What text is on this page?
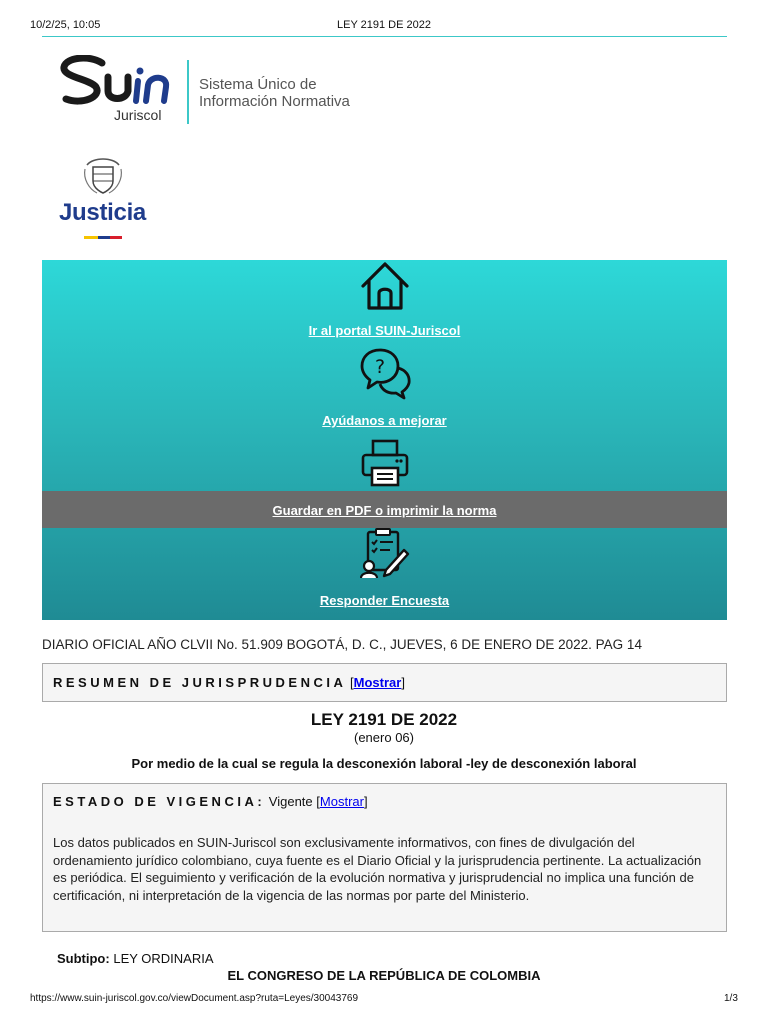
10/2/25, 10:05	LEY 2191 DE 2022
Juriscol
Sistema Único de
Información Normativa
Justicia
Ir al portal SUIN-Juriscol
?
Ayúdanos a mejorar
Guardar en PDF o imprimir la norma
Responder Encuesta
DIARIO OFICIAL AÑO CLVII No. 51.909 BOGOTÁ, D. C., JUEVES, 6 DE ENERO DE 2022. PAG 14
RESUMEN DE JURISPRUDENCIA [Mostrar]
LEY 2191 DE 2022
(enero 06)
Por medio de la cual se regula la desconexión laboral -ley de desconexión laboral
ESTADO DE VIGENCIA: Vigente [Mostrar]
Los datos publicados en SUIN-Juriscol son exclusivamente informativos, con fines de divulgación del ordenamiento jurídico colombiano, cuya fuente es el Diario Oficial y la jurisprudencia pertinente. La actualización es periódica. El seguimiento y verificación de la evolución normativa y jurisprudencial no implica una función de certificación, ni interpretación de la vigencia de las normas por parte del Ministerio.
Subtipo: LEY ORDINARIA
EL CONGRESO DE LA REPÚBLICA DE COLOMBIA
https://www.suin-juriscol.gov.co/viewDocument.asp?ruta=Leyes/30043769	1/3
